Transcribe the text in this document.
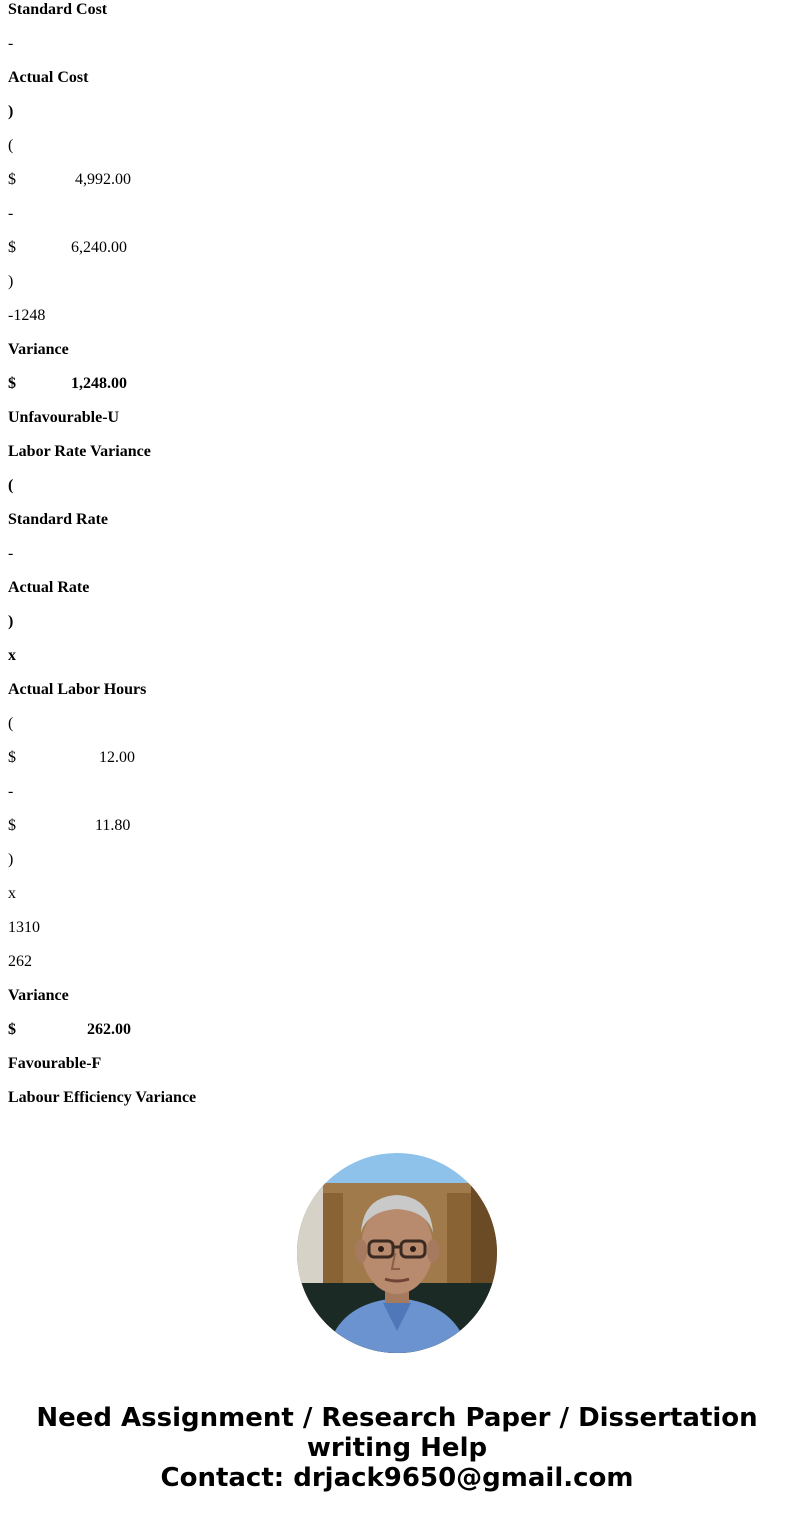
Standard Cost
-
Actual Cost
)
(
$	4,992.00
-
$	6,240.00
)
-1248
Variance
$	1,248.00
Unfavourable-U
Labor Rate Variance
(
Standard Rate
-
Actual Rate
)
x
Actual Labor Hours
(
$	12.00
-
$	11.80
)
x
1310
262
Variance
$	262.00
Favourable-F
Labour Efficiency Variance
Need Assignment / Research Paper / Dissertation
writing Help
Contact: drjack9650@gmail.com
